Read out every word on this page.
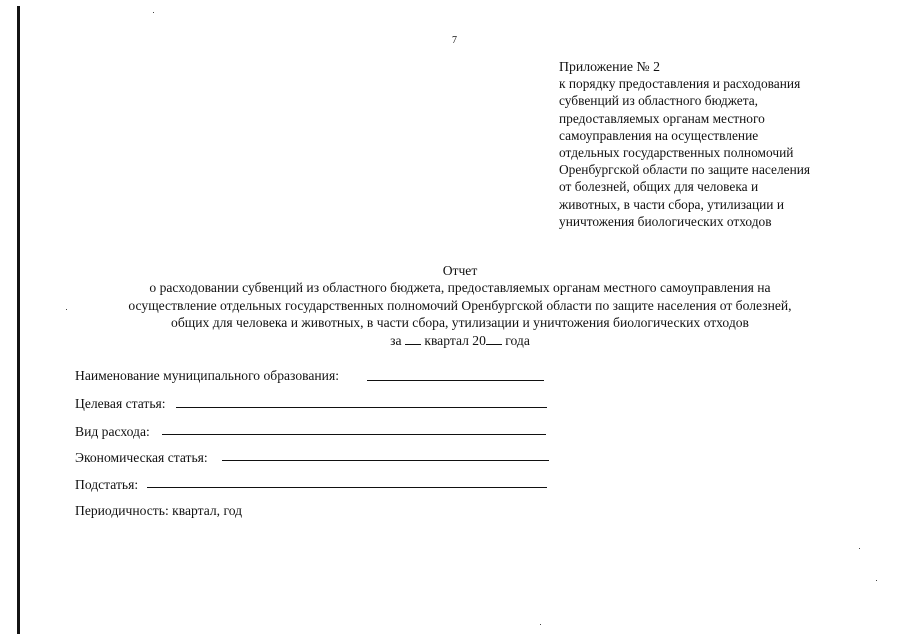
7
Приложение № 2
к порядку предоставления и расходования
субвенций из областного бюджета,
предоставляемых органам местного
самоуправления на осуществление
отдельных государственных полномочий
Оренбургской области по защите населения
от болезней, общих для человека и
животных, в части сбора, утилизации и
уничтожения биологических отходов
Отчет
о расходовании субвенций из областного бюджета, предоставляемых органам местного самоуправления на
осуществление отдельных государственных полномочий Оренбургской области по защите населения от болезней,
общих для человека и животных, в части сбора, утилизации и уничтожения биологических отходов
за квартал 20 года
Наименование муниципального образования:
Целевая статья:
Вид расхода:
Экономическая статья:
Подстатья:
Периодичность: квартал, год
